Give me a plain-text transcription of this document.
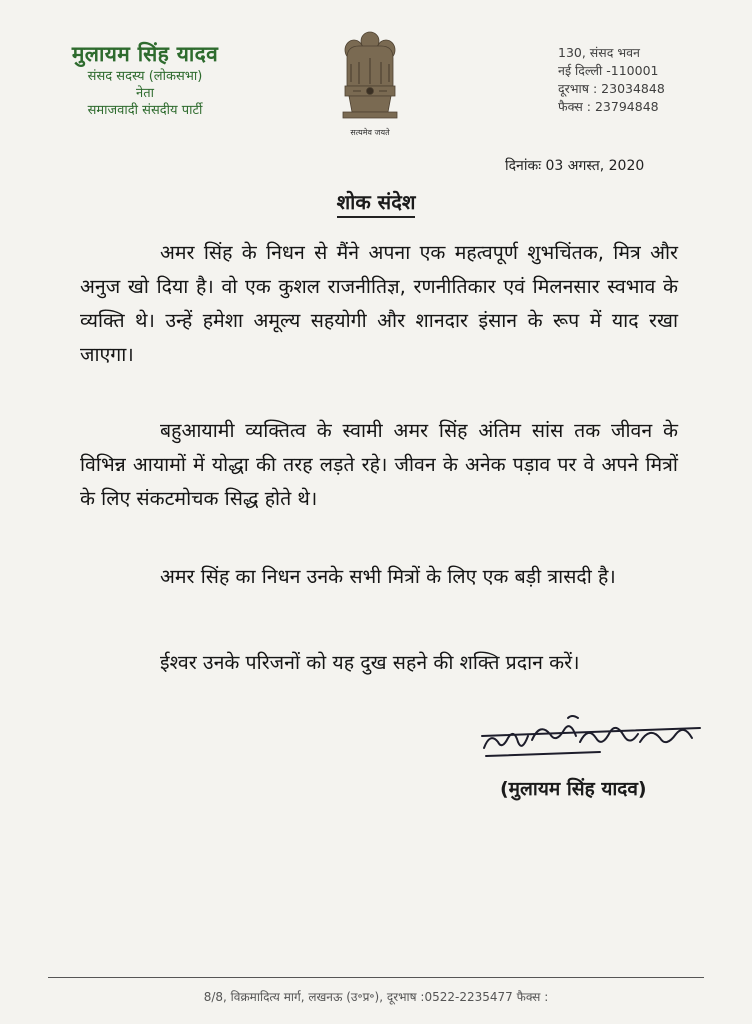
मुलायम सिंह यादव
संसद सदस्य (लोकसभा)
नेता
समाजवादी संसदीय पार्टी
सत्यमेव जयते
130, संसद भवन
नई दिल्ली -110001
दूरभाष : 23034848
फैक्स : 23794848
दिनांकः 03 अगस्त, 2020
शोक संदेश

अमर सिंह के निधन से मैंने अपना एक महत्वपूर्ण शुभचिंतक, मित्र और अनुज खो दिया है। वो एक कुशल राजनीतिज्ञ, रणनीतिकार एवं मिलनसार स्वभाव के व्यक्ति थे। उन्हें हमेशा अमूल्य सहयोगी और शानदार इंसान के रूप में याद रखा जाएगा।

बहुआयामी व्यक्तित्व के स्वामी अमर सिंह अंतिम सांस तक जीवन के विभिन्न आयामों में योद्धा की तरह लड़ते रहे। जीवन के अनेक पड़ाव पर वे अपने मित्रों के लिए संकटमोचक सिद्ध होते थे।

अमर सिंह का निधन उनके सभी मित्रों के लिए एक बड़ी त्रासदी है।

ईश्वर उनके परिजनों को यह दुख सहने की शक्ति प्रदान करें।

मुलायम सिंह यादव
(मुलायम सिंह यादव)
8/8, विक्रमादित्य मार्ग, लखनऊ (उ॰प्र॰), दूरभाष :0522-2235477 फैक्स :
